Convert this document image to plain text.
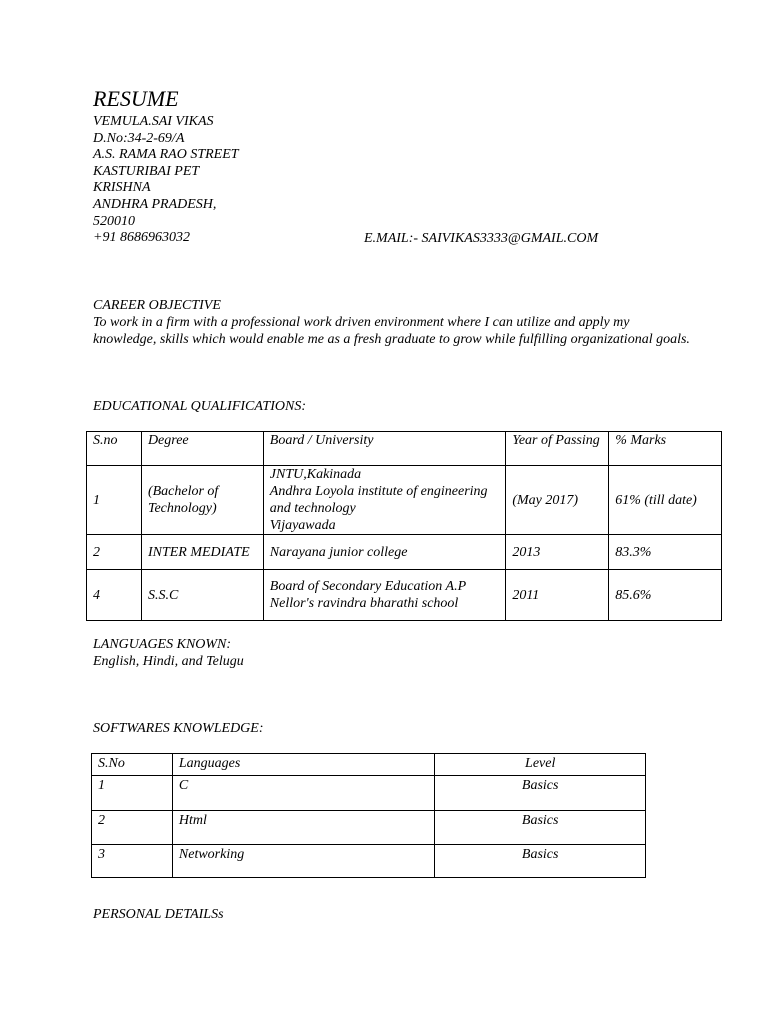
RESUME
VEMULA.SAI VIKAS
D.No:34-2-69/A
A.S. RAMA RAO STREET
KASTURIBAI PET
KRISHNA
ANDHRA PRADESH,
520010
+91 8686963032	E.MAIL:- SAIVIKAS3333@GMAIL.COM
CAREER OBJECTIVE
To work in a firm with a professional work driven environment where I can utilize and apply my knowledge, skills which would enable me as a fresh graduate to grow while fulfilling organizational goals.
EDUCATIONAL QUALIFICATIONS:
S.no	Degree	Board / University	Year of Passing	% Marks
1	(Bachelor of Technology)	JNTU,Kakinada
Andhra Loyola institute of engineering and technology
Vijayawada	(May 2017)	61% (till date)
2	INTER MEDIATE	Narayana junior college	2013	83.3%
4	S.S.C	Board of Secondary Education A.P
Nellor's ravindra bharathi school	2011	85.6%
LANGUAGES KNOWN:
English, Hindi, and Telugu
SOFTWARES KNOWLEDGE:
S.No	Languages	Level
1	C	Basics
2	Html	Basics
3	Networking	Basics
PERSONAL DETAILSs
